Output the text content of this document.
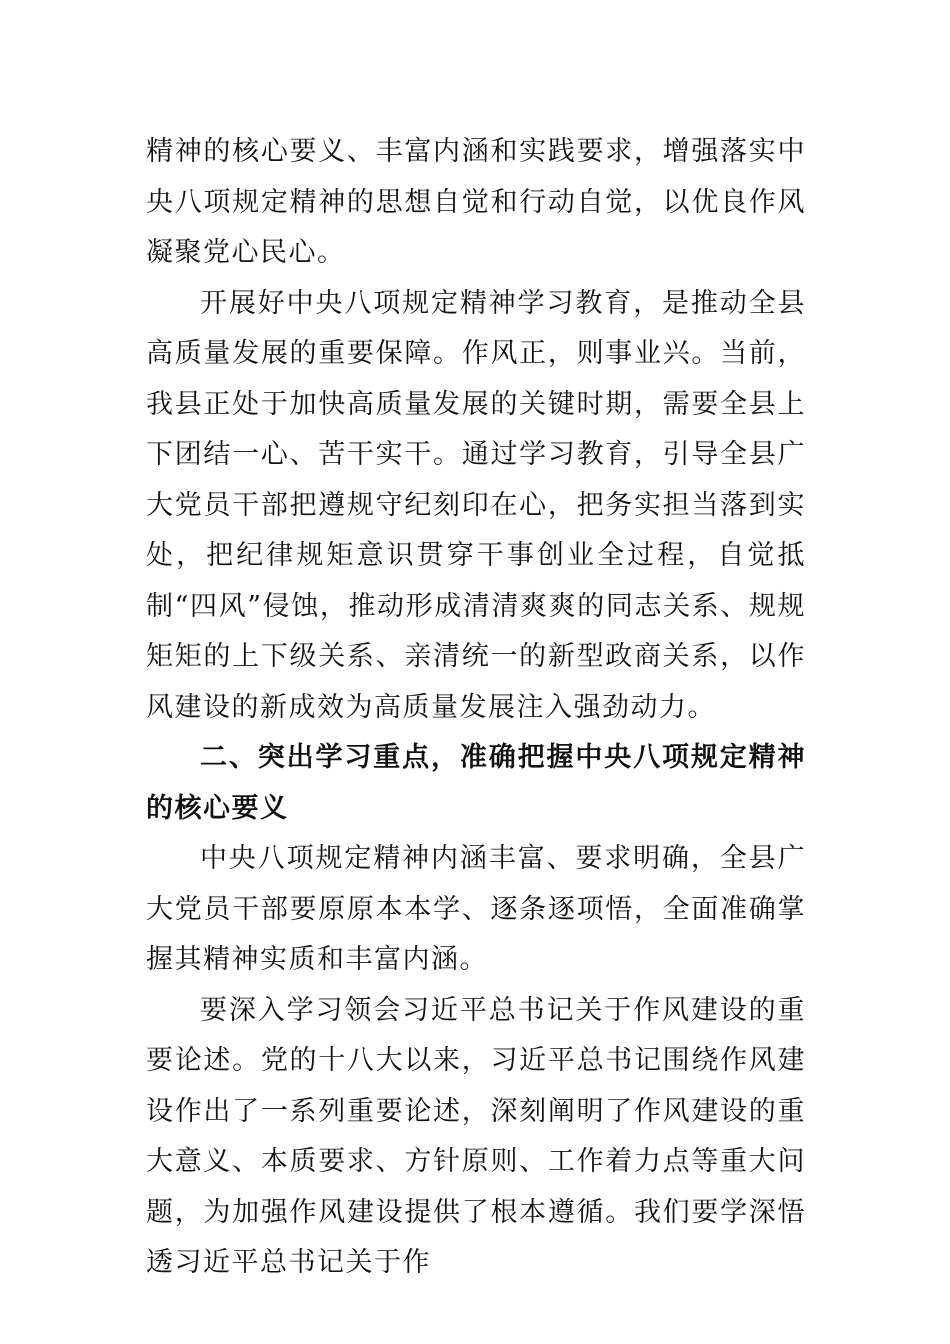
精神的核心要义、丰富内涵和实践要求，增强落实中央八项规定精神的思想自觉和行动自觉，以优良作风凝聚党心民心。

开展好中央八项规定精神学习教育，是推动全县高质量发展的重要保障。作风正，则事业兴。当前，我县正处于加快高质量发展的关键时期，需要全县上下团结一心、苦干实干。通过学习教育，引导全县广大党员干部把遵规守纪刻印在心，把务实担当落到实处，把纪律规矩意识贯穿干事创业全过程，自觉抵制“四风”侵蚀，推动形成清清爽爽的同志关系、规规矩矩的上下级关系、亲清统一的新型政商关系，以作风建设的新成效为高质量发展注入强劲动力。

二、突出学习重点，准确把握中央八项规定精神的核心要义

中央八项规定精神内涵丰富、要求明确，全县广大党员干部要原原本本学、逐条逐项悟，全面准确掌握其精神实质和丰富内涵。

要深入学习领会习近平总书记关于作风建设的重要论述。党的十八大以来，习近平总书记围绕作风建设作出了一系列重要论述，深刻阐明了作风建设的重大意义、本质要求、方针原则、工作着力点等重大问题，为加强作风建设提供了根本遵循。我们要学深悟透习近平总书记关于作
